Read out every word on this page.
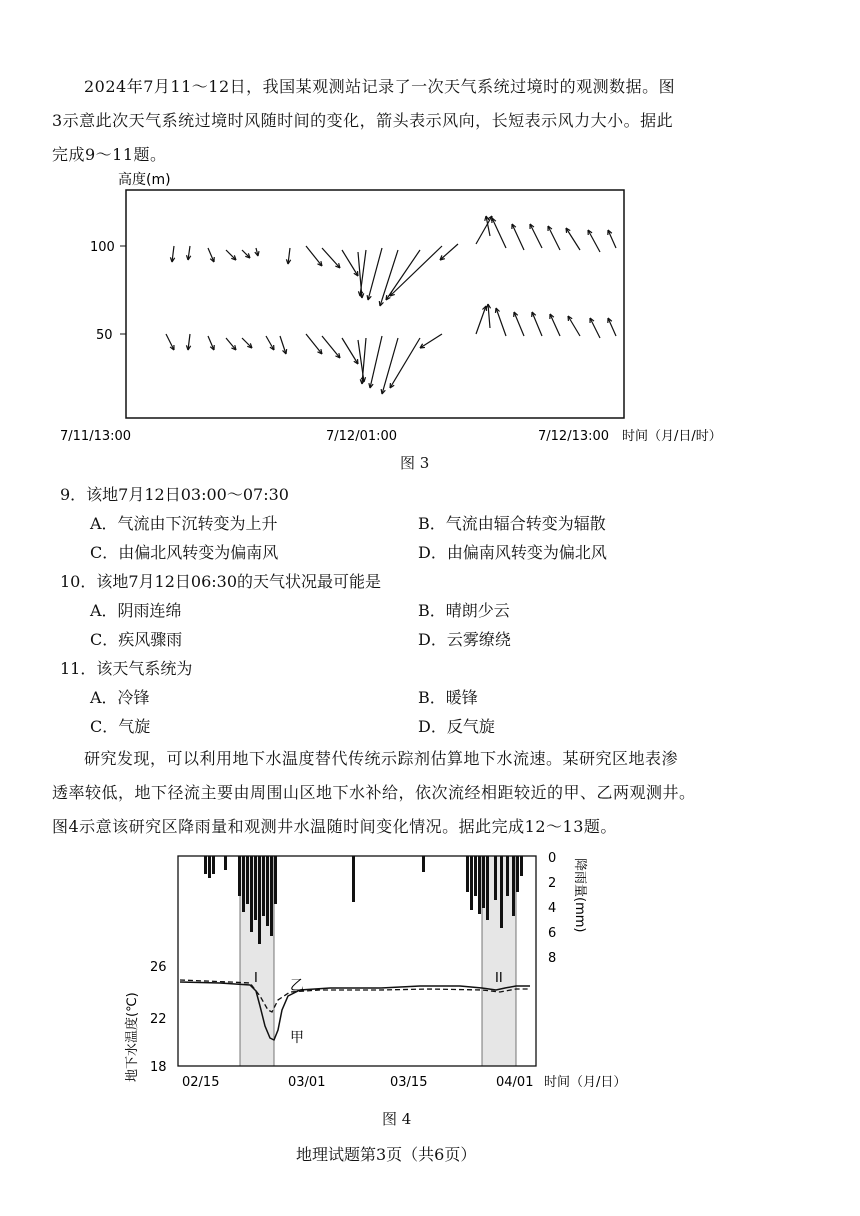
2024年7月11～12日，我国某观测站记录了一次天气系统过境时的观测数据。图
3示意此次天气系统过境时风随时间的变化，箭头表示风向，长短表示风力大小。据此
完成9～11题。
高度(m)
100
50
7/11/13:00	7/12/01:00	7/12/13:00 时间（月/日/时）
图 3
9．该地7月12日03:00～07:30
A．气流由下沉转变为上升	B．气流由辐合转变为辐散
C．由偏北风转变为偏南风	D．由偏南风转变为偏北风
10．该地7月12日06:30的天气状况最可能是
A．阴雨连绵	B．晴朗少云
C．疾风骤雨	D．云雾缭绕
11．该天气系统为
A．冷锋	B．暖锋
C．气旋	D．反气旋
研究发现，可以利用地下水温度替代传统示踪剂估算地下水流速。某研究区地表渗
透率较低，地下径流主要由周围山区地下水补给，依次流经相距较近的甲、乙两观测井。
图4示意该研究区降雨量和观测井水温随时间变化情况。据此完成12～13题。
I	II
乙
甲
26
22
18
地下水温度(℃)
0
2
4
6
8
降雨量(mm)
02/15	03/01	03/15	04/01 时间（月/日）
图 4
地理试题第3页（共6页）
